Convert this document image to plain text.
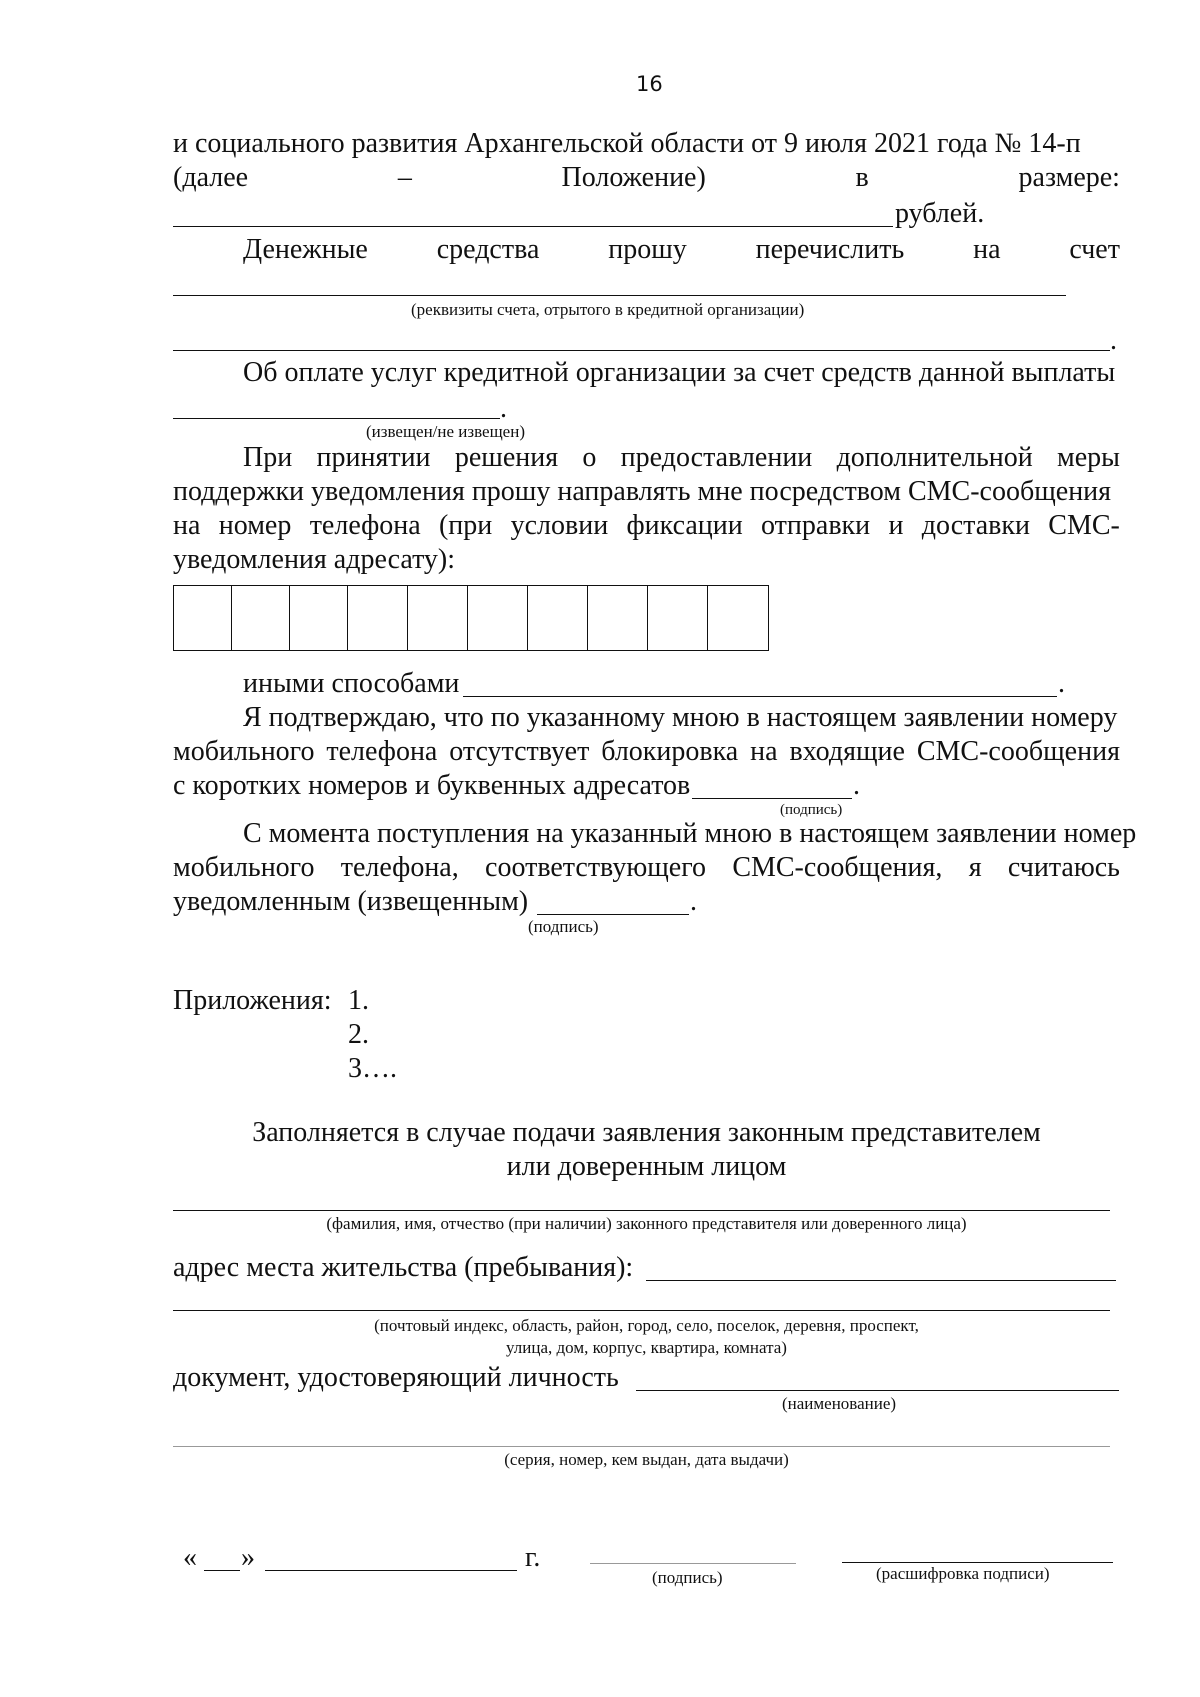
16
и социального развития Архангельской области от 9 июля 2021 года № 14-п
(далее	–	Положение)	в	размере:
рублей.
Денежные средства прошу перечислить на счет
(реквизиты счета, отрытого в кредитной организации)
.
Об оплате услуг кредитной организации за счет средств данной выплаты
.
(извещен/не извещен)
При принятии решения о предоставлении дополнительной меры
поддержки уведомления прошу направлять мне посредством СМС-сообщения
на номер телефона (при условии фиксации отправки и доставки СМС-
уведомления адресату):
иными способами	.
Я подтверждаю, что по указанному мною в настоящем заявлении номеру
мобильного телефона отсутствует блокировка на входящие СМС-сообщения
с коротких номеров и буквенных адресатов	.
(подпись)
С момента поступления на указанный мною в настоящем заявлении номер
мобильного телефона, соответствующего СМС-сообщения, я считаюсь
уведомленным (извещенным)	.
(подпись)
Приложения: 1.
2.
3….
Заполняется в случае подачи заявления законным представителем
или доверенным лицом
(фамилия, имя, отчество (при наличии) законного представителя или доверенного лица)
адрес места жительства (пребывания):
(почтовый индекс, область, район, город, село, поселок, деревня, проспект,
улица, дом, корпус, квартира, комната)
документ, удостоверяющий личность
(наименование)
(серия, номер, кем выдан, дата выдачи)
« »	г.
(подпись)	(расшифровка подписи)
